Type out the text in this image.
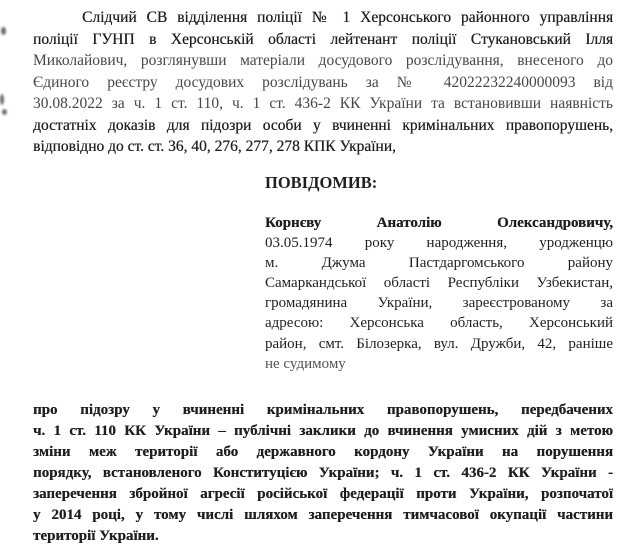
Слідчий СВ відділення поліції № 1 Херсонського районного управління
поліції ГУНП в Херсонській області лейтенант поліції Стукановський Ілля
Миколайович, розглянувши матеріали досудового розслідування, внесеного до
Єдиного реєстру досудових розслідувань за № 42022232240000093 від
30.08.2022 за ч. 1 ст. 110, ч. 1 ст. 436-2 КК України та встановивши наявність
достатніх доказів для підозри особи у вчиненні кримінальних правопорушень,
відповідно до ст. ст. 36, 40, 276, 277, 278 КПК України,
ПОВІДОМИВ:
Корнєву Анатолію Олександровичу,
03.05.1974 року народження, уродженцю
м. Джума Пастдаргомського району
Самаркандської області Республіки Узбекистан,
громадянина України, зареєстрованому за
адресою: Херсонська область, Херсонський
район, смт. Білозерка, вул. Дружби, 42, раніше
не судимому
про підозру у вчиненні кримінальних правопорушень, передбачених
ч. 1 ст. 110 КК України – публічні заклики до вчинення умисних дій з метою
зміни меж території або державного кордону України на порушення
порядку, встановленого Конституцією України; ч. 1 ст. 436-2 КК України -
заперечення збройної агресії російської федерації проти України, розпочатої
у 2014 році, у тому числі шляхом заперечення тимчасової окупації частини
території України.
